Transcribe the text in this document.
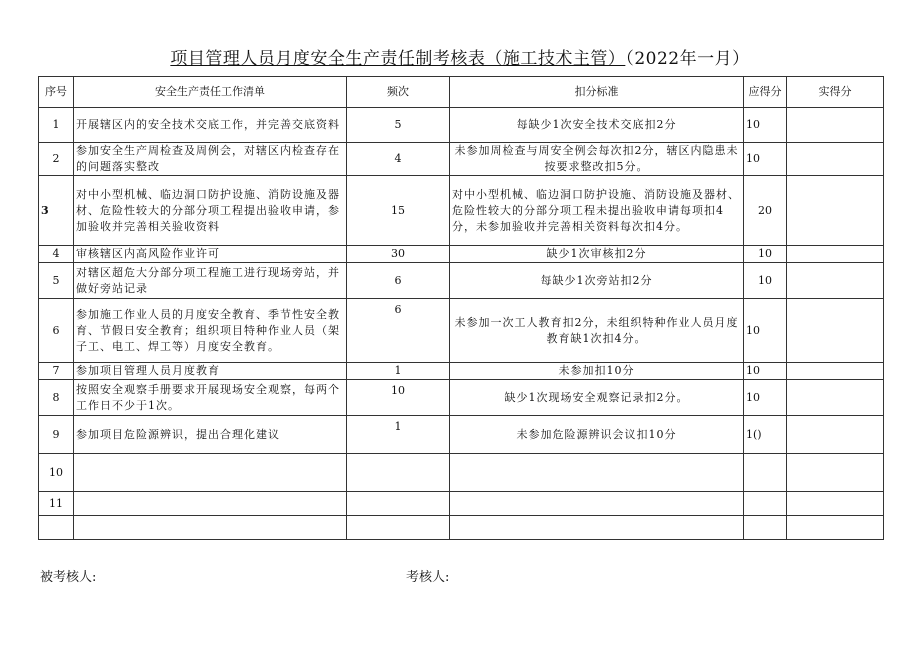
项目管理人员月度安全生产责任制考核表（施工技术主管）（2022年一月）
序号	安全生产责任工作清单	频次	扣分标准	应得分	实得分
1	开展辖区内的安全技术交底工作，并完善交底资料	5	每缺少1次安全技术交底扣2分	10	
2	参加安全生产周检查及周例会，对辖区内检查存在的问题落实整改	4	未参加周检查与周安全例会每次扣2分，辖区内隐患未按要求整改扣5分。	10	
3	对中小型机械、临边洞口防护设施、消防设施及器材、危险性较大的分部分项工程提出验收申请，参加验收并完善相关验收资料	15	对中小型机械、临边洞口防护设施、消防设施及器材、危险性较大的分部分项工程未提出验收申请每项扣4分，未参加验收并完善相关资料每次扣4分。	20	
4	审核辖区内高风险作业许可	30	缺少1次审核扣2分	10	
5	对辖区超危大分部分项工程施工进行现场旁站，并做好旁站记录	6	每缺少1次旁站扣2分	10	
6	参加施工作业人员的月度安全教育、季节性安全教育、节假日安全教育；组织项目特种作业人员（架子工、电工、焊工等）月度安全教育。	6	未参加一次工人教育扣2分，未组织特种作业人员月度教育缺1次扣4分。	10	
7	参加项目管理人员月度教育	1	未参加扣10分	10	
8	按照安全观察手册要求开展现场安全观察，每两个工作日不少于1次。	10	缺少1次现场安全观察记录扣2分。	10	
9	参加项目危险源辨识，提出合理化建议	1	未参加危险源辨识会议扣10分	1()	
10					
11					

被考核人:	考核人:
